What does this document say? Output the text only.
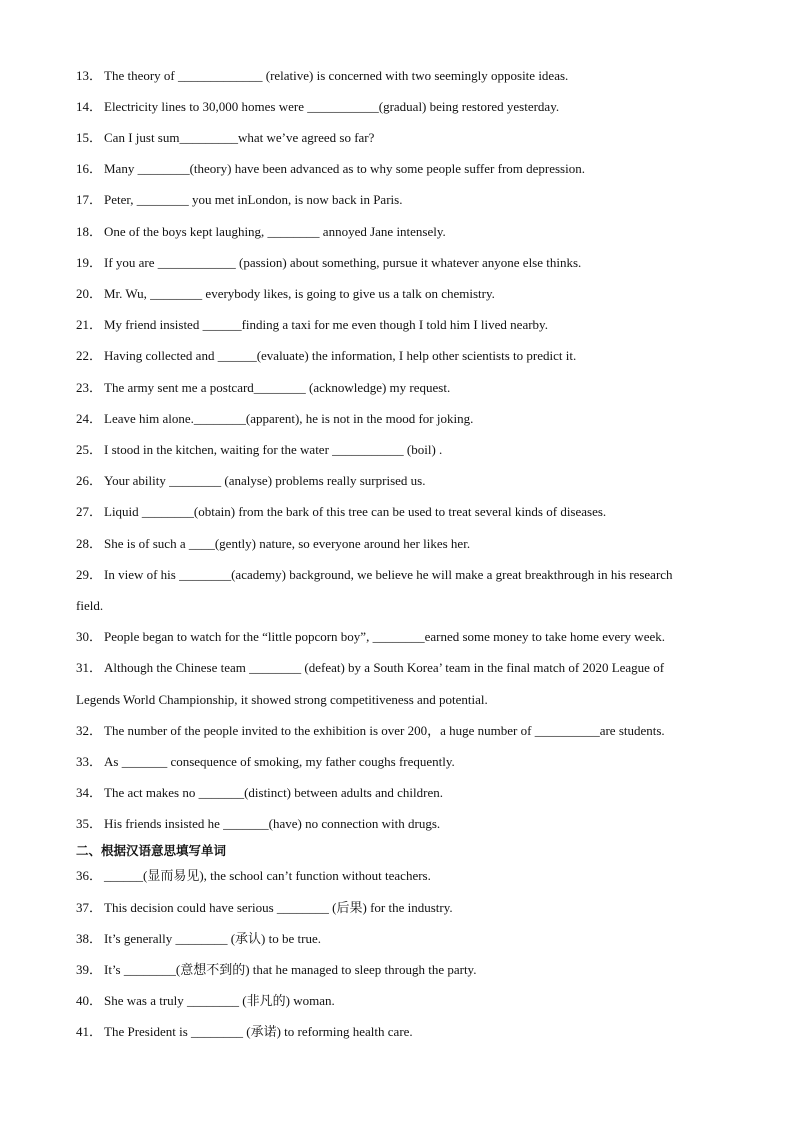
13． The theory of _____________ (relative) is concerned with two seemingly opposite ideas.
14． Electricity lines to 30,000 homes were ___________(gradual) being restored yesterday.
15． Can I just sum_________what we’ve agreed so far?
16． Many ________(theory) have been advanced as to why some people suffer from depression.
17． Peter, ________ you met inLondon, is now back in Paris.
18． One of the boys kept laughing, ________ annoyed Jane intensely.
19． If you are ____________ (passion) about something, pursue it whatever anyone else thinks.
20． Mr. Wu, ________ everybody likes, is going to give us a talk on chemistry.
21． My friend insisted ______finding a taxi for me even though I told him I lived nearby.
22． Having collected and ______(evaluate) the information, I help other scientists to predict it.
23． The army sent me a postcard________ (acknowledge) my request.
24． Leave him alone.________(apparent), he is not in the mood for joking.
25． I stood in the kitchen, waiting for the water ___________ (boil) .
26． Your ability ________ (analyse) problems really surprised us.
27． Liquid ________(obtain) from the bark of this tree can be used to treat several kinds of diseases.
28． She is of such a ____(gently) nature, so everyone around her likes her.
29． In view of his ________(academy) background, we believe he will make a great breakthrough in his research
field.
30． People began to watch for the “little popcorn boy”, ________earned some money to take home every week.
31． Although the Chinese team ________ (defeat) by a South Korea’ team in the final match of 2020 League of
Legends World Championship, it showed strong competitiveness and potential.
32． The number of the people invited to the exhibition is over 200，a huge number of __________are students.
33． As _______ consequence of smoking, my father coughs frequently.
34． The act makes no _______(distinct) between adults and children.
35． His friends insisted he _______(have) no connection with drugs.
二、根据汉语意思填写单词
36． ______(显而易见), the school can’t function without teachers.
37． This decision could have serious ________ (后果) for the industry.
38． It’s generally ________ (承认) to be true.
39． It’s ________(意想不到的) that he managed to sleep through the party.
40． She was a truly ________ (非凡的) woman.
41． The President is ________ (承诺) to reforming health care.
